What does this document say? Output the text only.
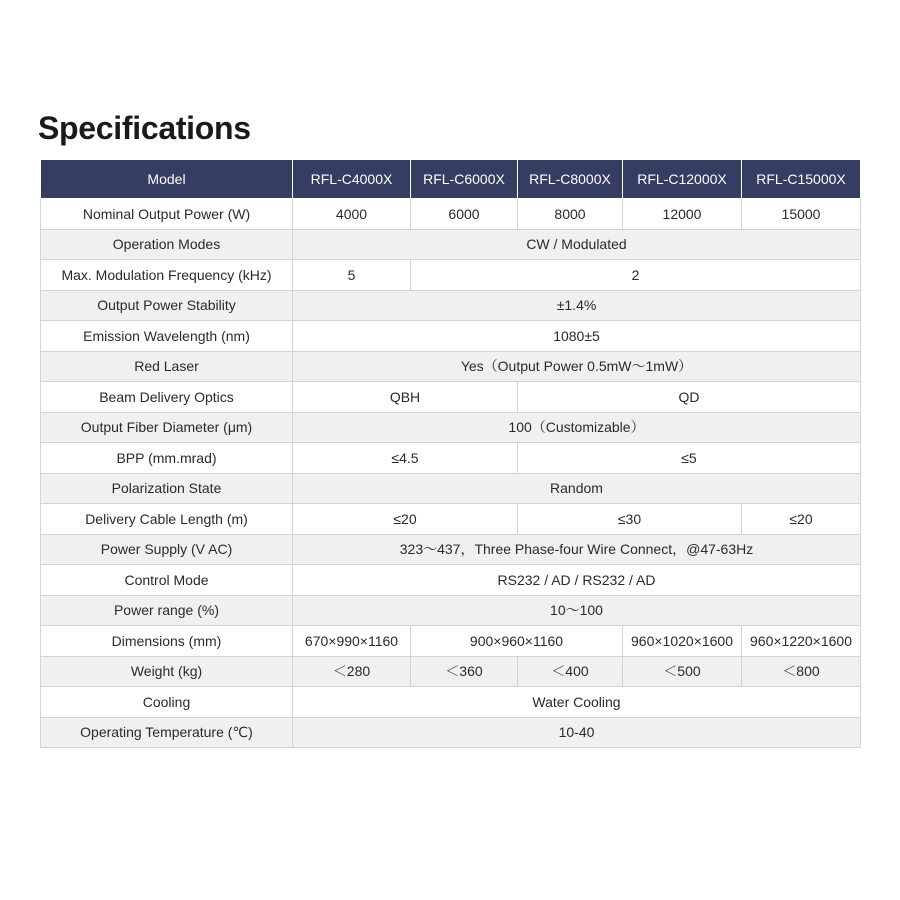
Specifications
Model	RFL-C4000X	RFL-C6000X	RFL-C8000X	RFL-C12000X	RFL-C15000X
Nominal Output Power (W)	4000	6000	8000	12000	15000
Operation Modes	CW / Modulated				
Max. Modulation Frequency (kHz)	5	2			
Output Power Stability	±1.4%				
Emission Wavelength (nm)	1080±5				
Red Laser	Yes（Output Power 0.5mW～1mW）				
Beam Delivery Optics	QBH		QD		
Output Fiber Diameter (μm)	100（Customizable）				
BPP (mm.mrad)	≤4.5		≤5		
Polarization State	Random				
Delivery Cable Length (m)	≤20		≤30		≤20
Power Supply (V AC)	323～437，Three Phase-four Wire Connect，@47-63Hz				
Control Mode	RS232 / AD / RS232 / AD				
Power range (%)	10～100				
Dimensions (mm)	670×990×1160	900×960×1160		960×1020×1600	960×1220×1600
Weight (kg)	＜280	＜360	＜400	＜500	＜800
Cooling	Water Cooling				
Operating Temperature (℃)	10-40				
